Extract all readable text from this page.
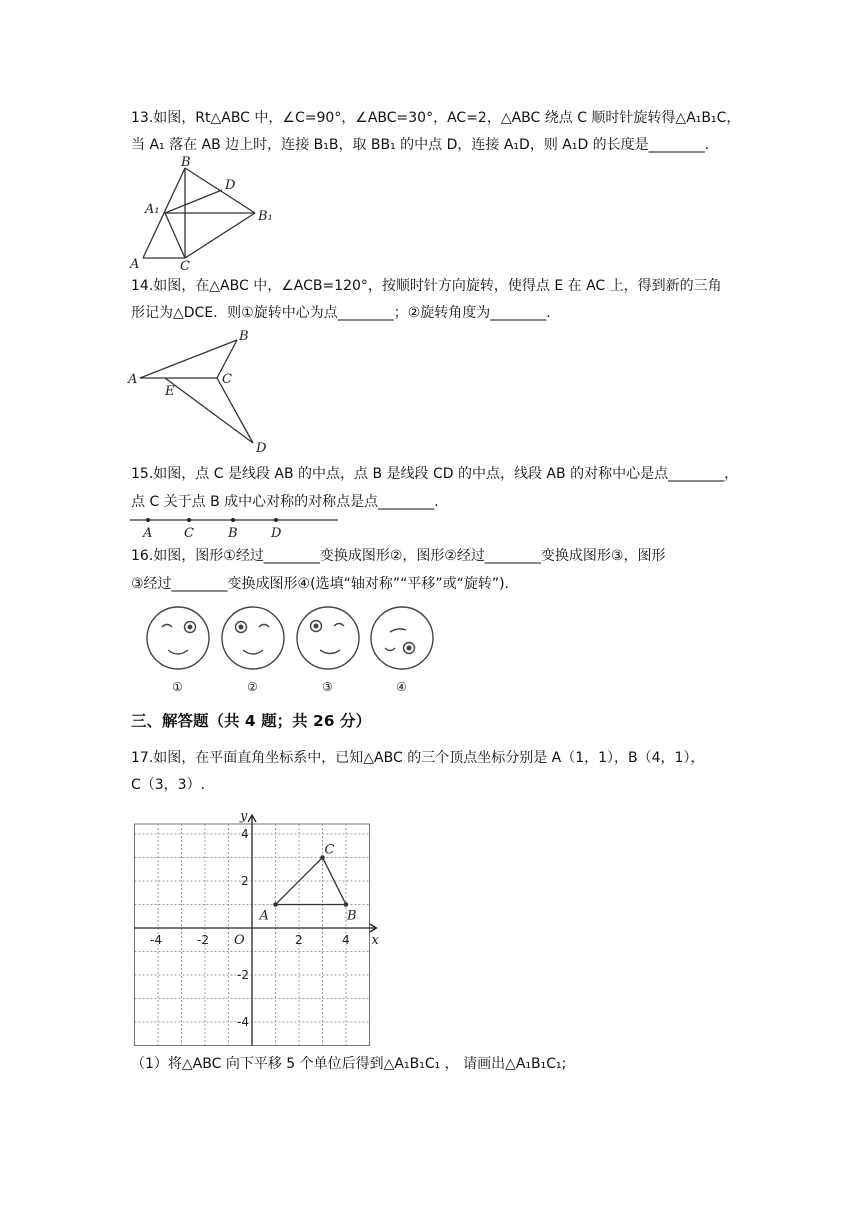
13.如图，Rt△ABC 中，∠C=90°，∠ABC=30°，AC=2，△ABC 绕点 C 顺时针旋转得△A₁B₁C，
当 A₁ 落在 AB 边上时，连接 B₁B，取 BB₁ 的中点 D，连接 A₁D，则 A₁D 的长度是________.
A
B
C
D
A₁	B₁
14.如图，在△ABC 中，∠ACB=120°，按顺时针方向旋转，使得点 E 在 AC 上，得到新的三角
形记为△DCE．则①旋转中心为点________；②旋转角度为________.
A
B
C
E
D
15.如图，点 C 是线段 AB 的中点，点 B 是线段 CD 的中点，线段 AB 的对称中心是点________，
点 C 关于点 B 成中心对称的对称点是点________.
A C	B	D
16.如图，图形①经过________变换成图形②，图形②经过________变换成图形③，图形
③经过________变换成图形④(选填“轴对称”“平移”或“旋转”).
①	②	③	④
三、解答题（共 4 题；共 26 分）
17.如图，在平面直角坐标系中，已知△ABC 的三个顶点坐标分别是 A（1，1），B（4，1），
C（3，3）.
x
y
O
-4	-2	2	4
4
2
-2
-4
A	B
C
（1）将△ABC 向下平移 5 个单位后得到△A₁B₁C₁ ， 请画出△A₁B₁C₁;
